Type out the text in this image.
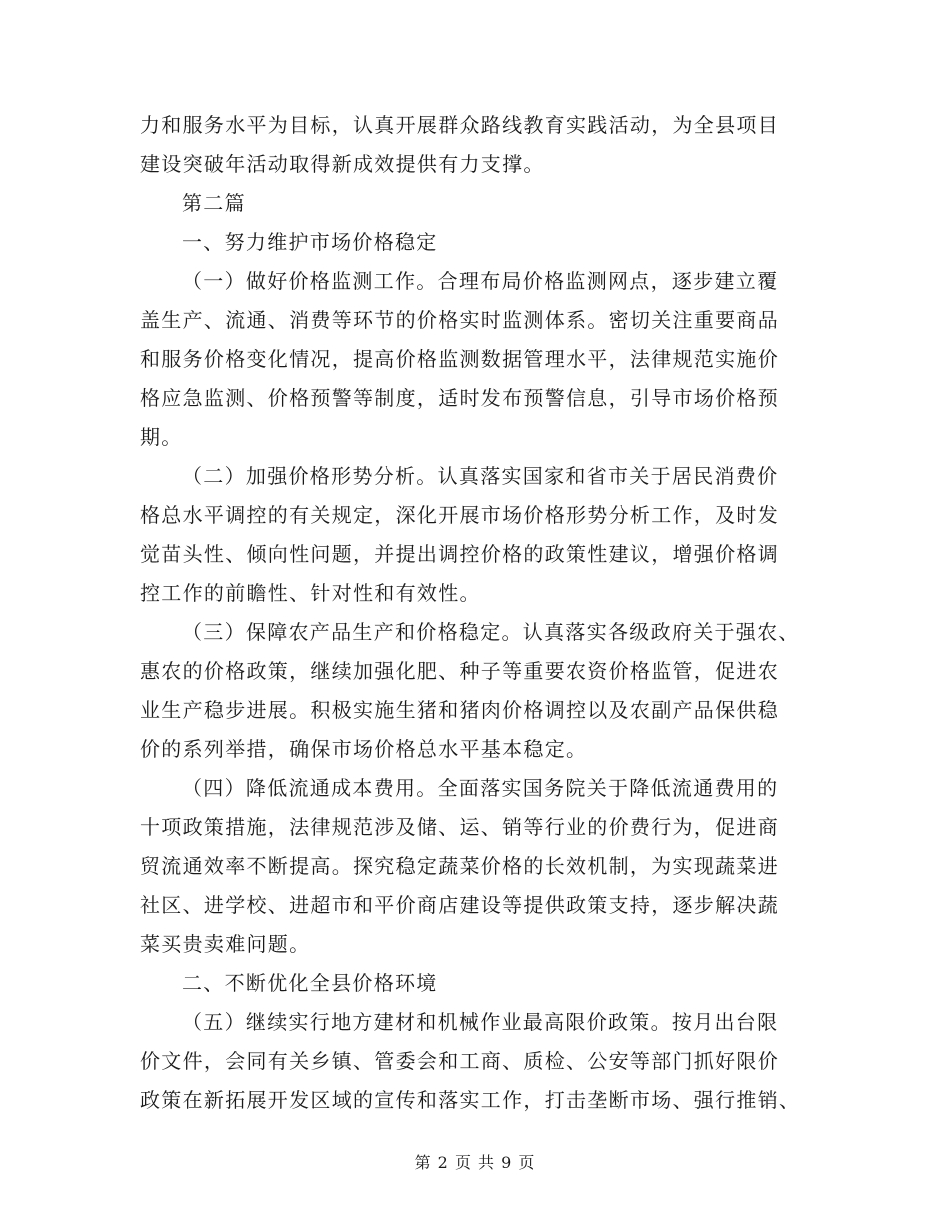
力和服务水平为目标，认真开展群众路线教育实践活动，为全县项目
建设突破年活动取得新成效提供有力支撑。
第二篇
一、努力维护市场价格稳定
（一）做好价格监测工作。合理布局价格监测网点，逐步建立覆
盖生产、流通、消费等环节的价格实时监测体系。密切关注重要商品
和服务价格变化情况，提高价格监测数据管理水平，法律规范实施价
格应急监测、价格预警等制度，适时发布预警信息，引导市场价格预
期。
（二）加强价格形势分析。认真落实国家和省市关于居民消费价
格总水平调控的有关规定，深化开展市场价格形势分析工作，及时发
觉苗头性、倾向性问题，并提出调控价格的政策性建议，增强价格调
控工作的前瞻性、针对性和有效性。
（三）保障农产品生产和价格稳定。认真落实各级政府关于强农、
惠农的价格政策，继续加强化肥、种子等重要农资价格监管，促进农
业生产稳步进展。积极实施生猪和猪肉价格调控以及农副产品保供稳
价的系列举措，确保市场价格总水平基本稳定。
（四）降低流通成本费用。全面落实国务院关于降低流通费用的
十项政策措施，法律规范涉及储、运、销等行业的价费行为，促进商
贸流通效率不断提高。探究稳定蔬菜价格的长效机制，为实现蔬菜进
社区、进学校、进超市和平价商店建设等提供政策支持，逐步解决蔬
菜买贵卖难问题。
二、不断优化全县价格环境
（五）继续实行地方建材和机械作业最高限价政策。按月出台限
价文件，会同有关乡镇、管委会和工商、质检、公安等部门抓好限价
政策在新拓展开发区域的宣传和落实工作，打击垄断市场、强行推销、
第 2 页 共 9 页
